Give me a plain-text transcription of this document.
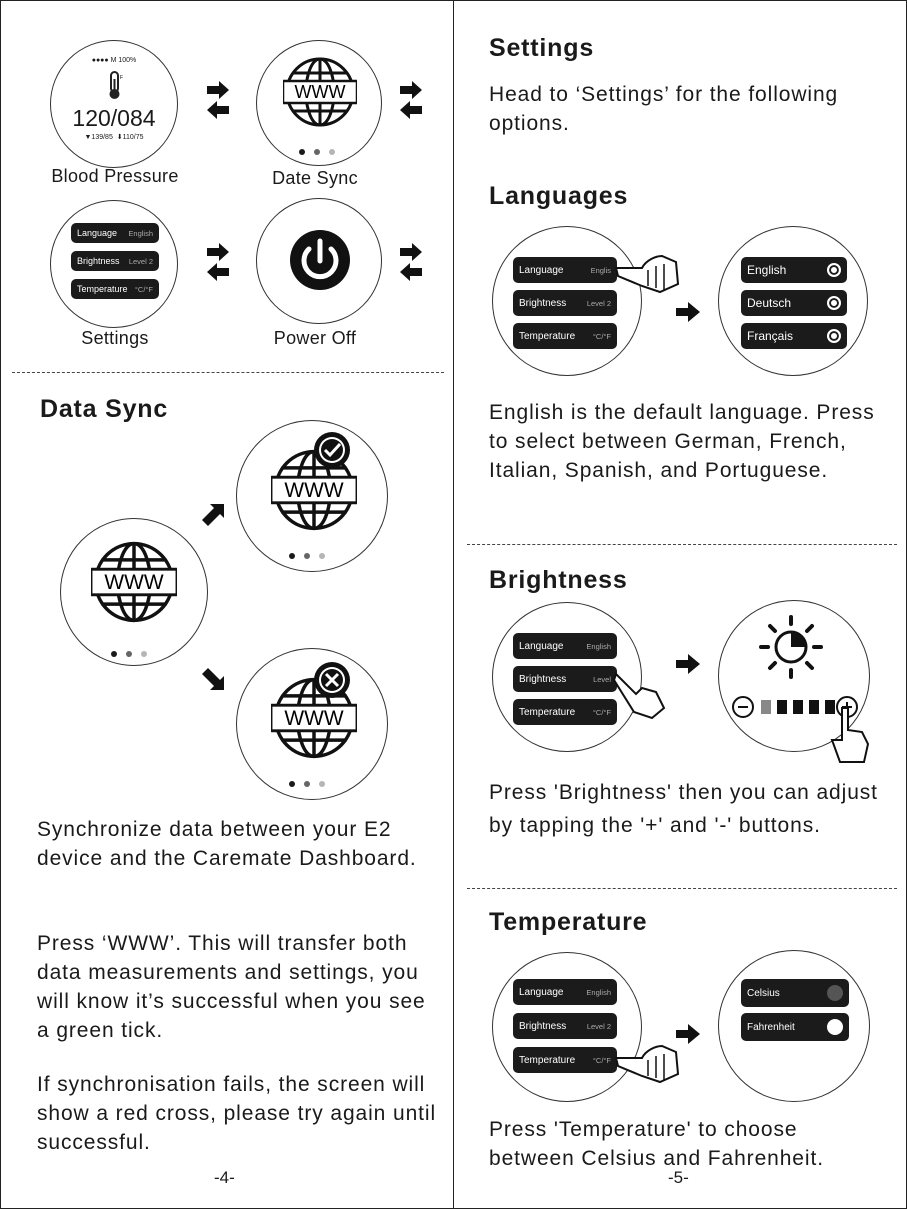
●●●● M 100%
F
120/084
▼139/85 ⬇110/75
Blood Pressure
WWW
Date Sync
Language English
Brightness Level 2
Temperature °C/°F
Settings	Power Off
Data Sync
WWW
WWW
WWW
Synchronize data between your E2 device and the Caremate Dashboard.
Press ‘WWW’. This will transfer both data measurements and settings, you will know it’s successful when you see a green tick.
If synchronisation fails, the screen will show a red cross, please try again until successful.
-4-
Settings
Head to ‘Settings’ for the following options.
Languages
Language	Englis
Brightness	Level 2
Temperature °C/°F
English
Deutsch
Français
English is the default language. Press to select between German, French, Italian, Spanish, and Portuguese.
Brightness
Language	English
Brightness	Level
Temperature °C/°F
Press 'Brightness' then you can adjust by tapping the '+' and '-' buttons.
Temperature
Language	English
Brightness	Level 2
Temperature °C/°F
Celsius
Fahrenheit
Press 'Temperature' to choose between Celsius and Fahrenheit.
-5-
